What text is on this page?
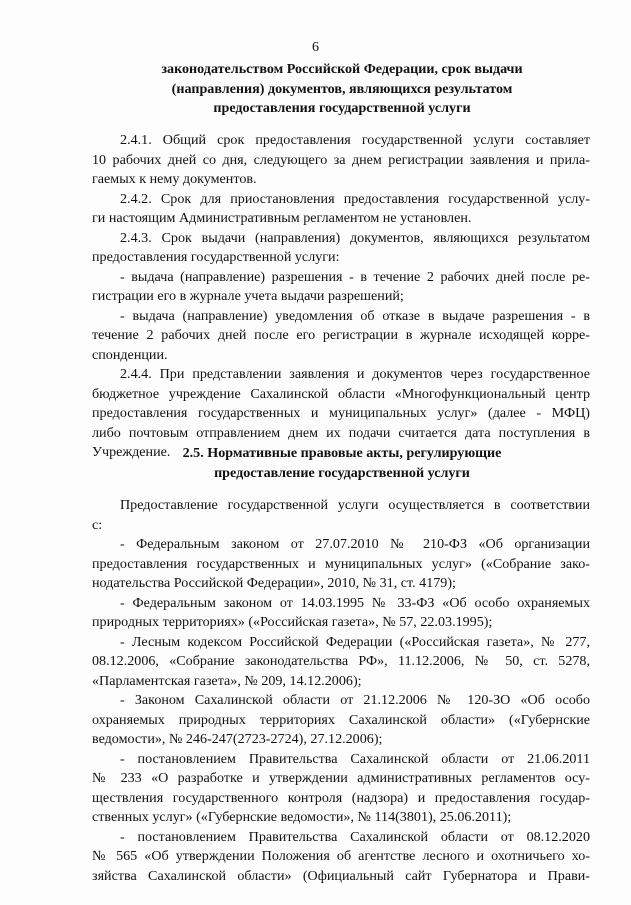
6
законодательством Российской Федерации, срок выдачи
(направления) документов, являющихся результатом
предоставления государственной услуги
2.4.1. Общий срок предоставления государственной услуги составляет
10 рабочих дней со дня, следующего за днем регистрации заявления и прила-
гаемых к нему документов.
2.4.2. Срок для приостановления предоставления государственной услу-
ги настоящим Административным регламентом не установлен.
2.4.3. Срок выдачи (направления) документов, являющихся результатом
предоставления государственной услуги:
- выдача (направление) разрешения - в течение 2 рабочих дней после ре-
гистрации его в журнале учета выдачи разрешений;
- выдача (направление) уведомления об отказе в выдаче разрешения - в
течение 2 рабочих дней после его регистрации в журнале исходящей корре-
спонденции.
2.4.4. При представлении заявления и документов через государственное
бюджетное учреждение Сахалинской области «Многофункциональный центр
предоставления государственных и муниципальных услуг» (далее - МФЦ)
либо почтовым отправлением днем их подачи считается дата поступления в
Учреждение. 2.5. Нормативные правовые акты, регулирующие
предоставление государственной услуги
Предоставление государственной услуги осуществляется в соответствии
с:
- Федеральным законом от 27.07.2010 № 210-ФЗ «Об организации
предоставления государственных и муниципальных услуг» («Собрание зако-
нодательства Российской Федерации», 2010, № 31, ст. 4179);
- Федеральным законом от 14.03.1995 № 33-ФЗ «Об особо охраняемых
природных территориях» («Российская газета», № 57, 22.03.1995);
- Лесным кодексом Российской Федерации («Российская газета», № 277,
08.12.2006, «Собрание законодательства РФ», 11.12.2006, № 50, ст. 5278,
«Парламентская газета», № 209, 14.12.2006);
- Законом Сахалинской области от 21.12.2006 № 120-ЗО «Об особо
охраняемых природных территориях Сахалинской области» («Губернские
ведомости», № 246-247(2723-2724), 27.12.2006);
- постановлением Правительства Сахалинской области от 21.06.2011
№ 233 «О разработке и утверждении административных регламентов осу-
ществления государственного контроля (надзора) и предоставления государ-
ственных услуг» («Губернские ведомости», № 114(3801), 25.06.2011);
- постановлением Правительства Сахалинской области от 08.12.2020
№ 565 «Об утверждении Положения об агентстве лесного и охотничьего хо-
зяйства Сахалинской области» (Официальный сайт Губернатора и Прави-
